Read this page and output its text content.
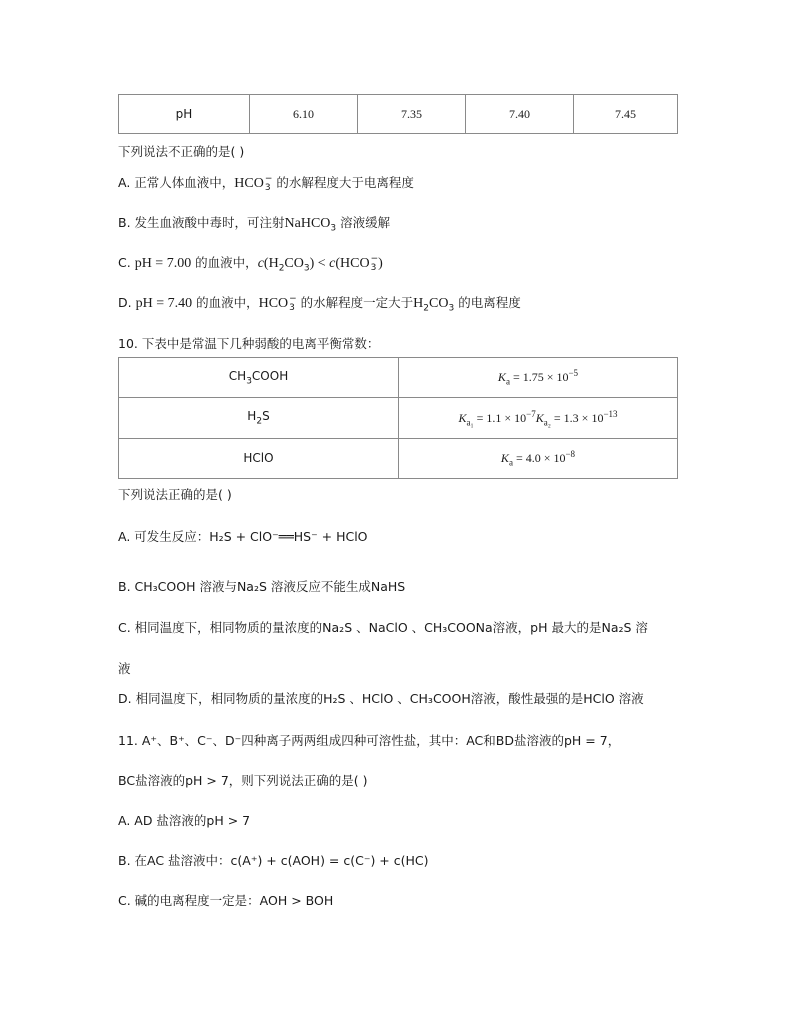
pH	6.10	7.35	7.40	7.45
下列说法不正确的是( )
A. 正常人体血液中，HCO −
3 的水解程度大于电离程度
B. 发生血液酸中毒时，可注射NaHCO$_3$ 溶液缓解
C. pH = 7.00 的血液中，$c(H_2CO_3) < c(HCO$ −
3 )
D. pH = 7.40 的血液中，HCO −
3 的水解程度一定大于$H_2CO_3$ 的电离程度
10. 下表中是常温下几种弱酸的电离平衡常数：
$CH_3COOH$	$K_a = 1.75 \times 10^{-5}$
$H_2S$	$K_{a_1} = 1.1 \times 10^{-7}K_{a_2} = 1.3 \times 10^{-13}$
HClO	$K_a = 4.0 \times 10^{-8}$
下列说法正确的是( )
A. 可发生反应：H₂S + ClO⁻══HS⁻ + HClO
B. CH₃COOH 溶液与Na₂S 溶液反应不能生成NaHS
C. 相同温度下，相同物质的量浓度的Na₂S 、NaClO 、CH₃COONa溶液，pH 最大的是Na₂S 溶
液
D. 相同温度下，相同物质的量浓度的H₂S 、HClO 、CH₃COOH溶液，酸性最强的是HClO 溶液
11. A⁺、B⁺、C⁻、D⁻四种离子两两组成四种可溶性盐，其中：AC和BD盐溶液的pH = 7，
BC盐溶液的pH > 7，则下列说法正确的是( )
A. AD 盐溶液的pH > 7
B. 在AC 盐溶液中：c(A⁺) + c(AOH) = c(C⁻) + c(HC)
C. 碱的电离程度一定是：AOH > BOH
